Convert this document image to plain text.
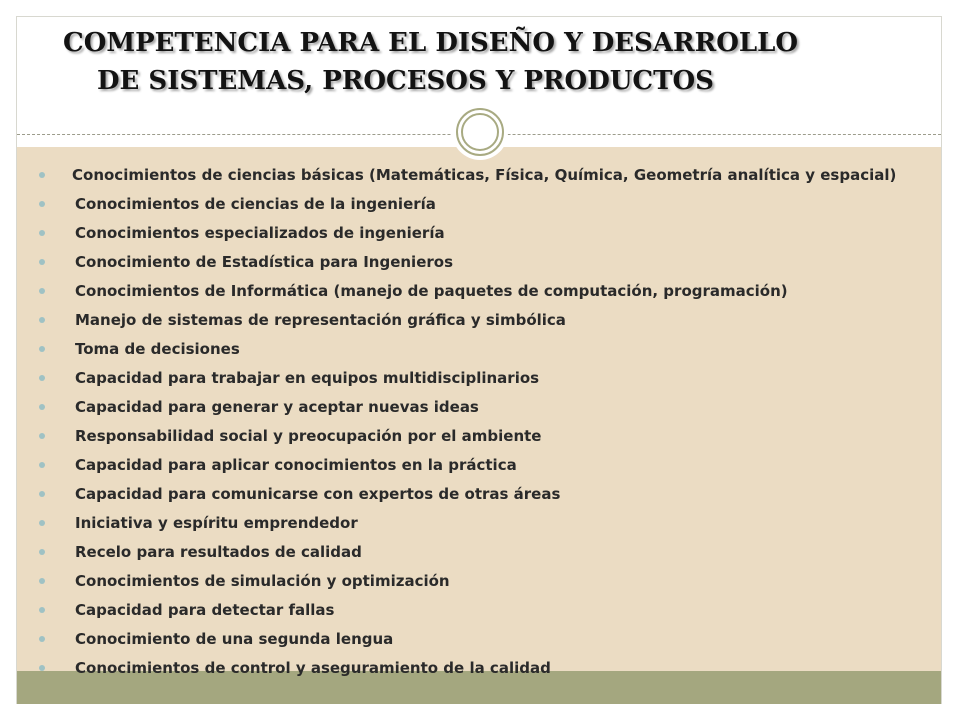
COMPETENCIA PARA EL DISEÑO Y DESARROLLO
DE SISTEMAS, PROCESOS Y PRODUCTOS
Conocimientos de ciencias básicas (Matemáticas, Física, Química, Geometría analítica y espacial)
Conocimientos de ciencias de la ingeniería
Conocimientos especializados de ingeniería
Conocimiento de Estadística para Ingenieros
Conocimientos de Informática (manejo de paquetes de computación, programación)
Manejo de sistemas de representación gráfica y simbólica
Toma de decisiones
Capacidad para trabajar en equipos multidisciplinarios
Capacidad para generar y aceptar nuevas ideas
Responsabilidad social y preocupación por el ambiente
Capacidad para aplicar conocimientos en la práctica
Capacidad para comunicarse con expertos de otras áreas
Iniciativa y espíritu emprendedor
Recelo para resultados de calidad
Conocimientos de simulación y optimización
Capacidad para detectar fallas
Conocimiento de una segunda lengua
Conocimientos de control y aseguramiento de la calidad
